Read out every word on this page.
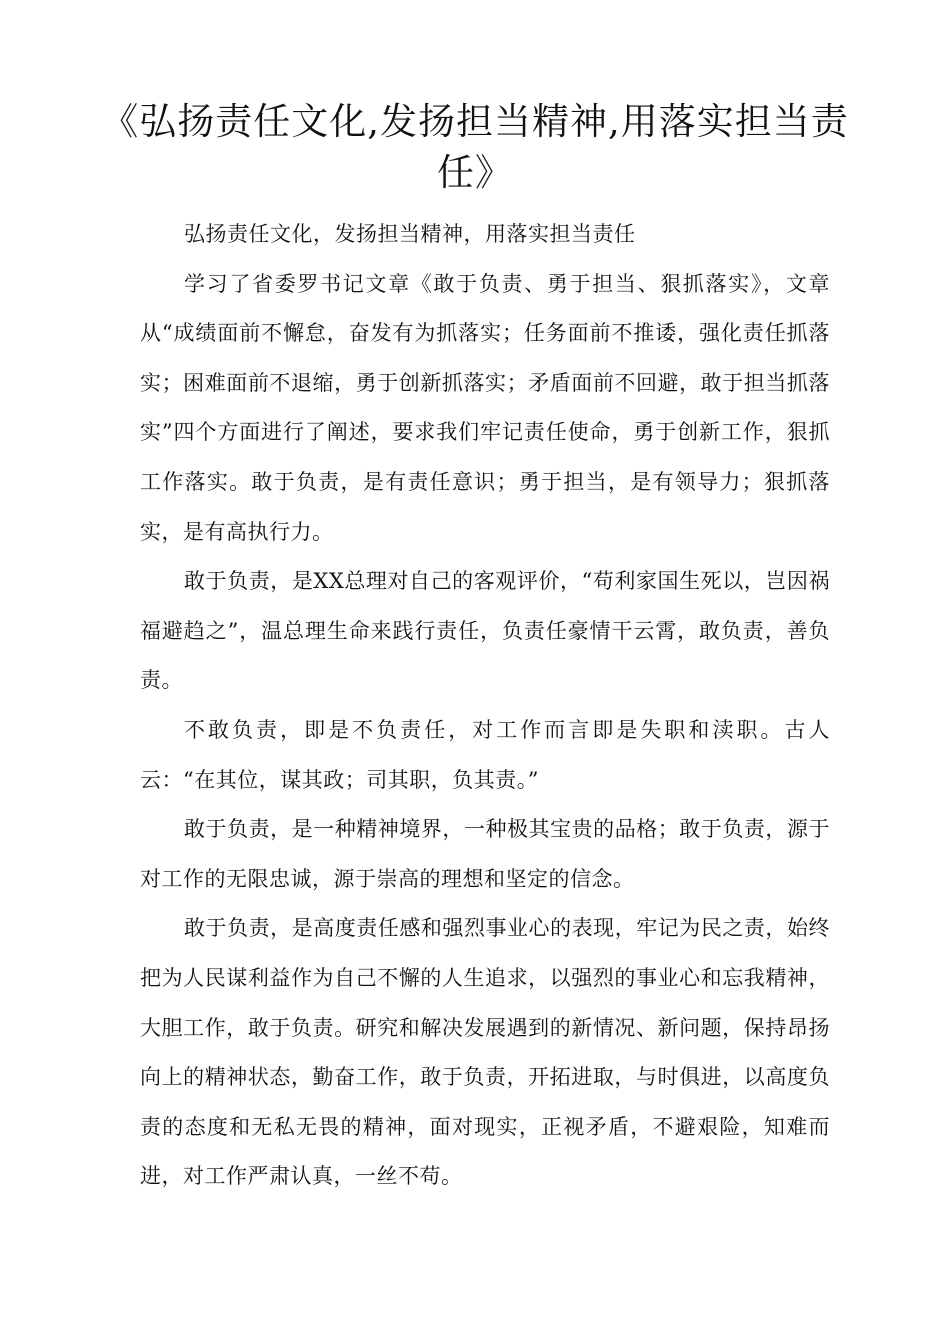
《弘扬责任文化,发扬担当精神,用落实担当责任》

弘扬责任文化，发扬担当精神，用落实担当责任

学习了省委罗书记文章《敢于负责、勇于担当、狠抓落实》，文章从“成绩面前不懈怠，奋发有为抓落实；任务面前不推诿，强化责任抓落实；困难面前不退缩，勇于创新抓落实；矛盾面前不回避，敢于担当抓落实”四个方面进行了阐述，要求我们牢记责任使命，勇于创新工作，狠抓工作落实。敢于负责，是有责任意识；勇于担当，是有领导力；狠抓落实，是有高执行力。

敢于负责，是XX总理对自己的客观评价，“苟利家国生死以，岂因祸福避趋之”，温总理生命来践行责任，负责任豪情干云霄，敢负责，善负责。

不敢负责，即是不负责任，对工作而言即是失职和渎职。古人云：“在其位，谋其政；司其职，负其责。”

敢于负责，是一种精神境界，一种极其宝贵的品格；敢于负责，源于对工作的无限忠诚，源于崇高的理想和坚定的信念。

敢于负责，是高度责任感和强烈事业心的表现，牢记为民之责，始终把为人民谋利益作为自己不懈的人生追求，以强烈的事业心和忘我精神，大胆工作，敢于负责。研究和解决发展遇到的新情况、新问题，保持昂扬向上的精神状态，勤奋工作，敢于负责，开拓进取，与时俱进，以高度负责的态度和无私无畏的精神，面对现实，正视矛盾，不避艰险，知难而进，对工作严肃认真，一丝不苟。
